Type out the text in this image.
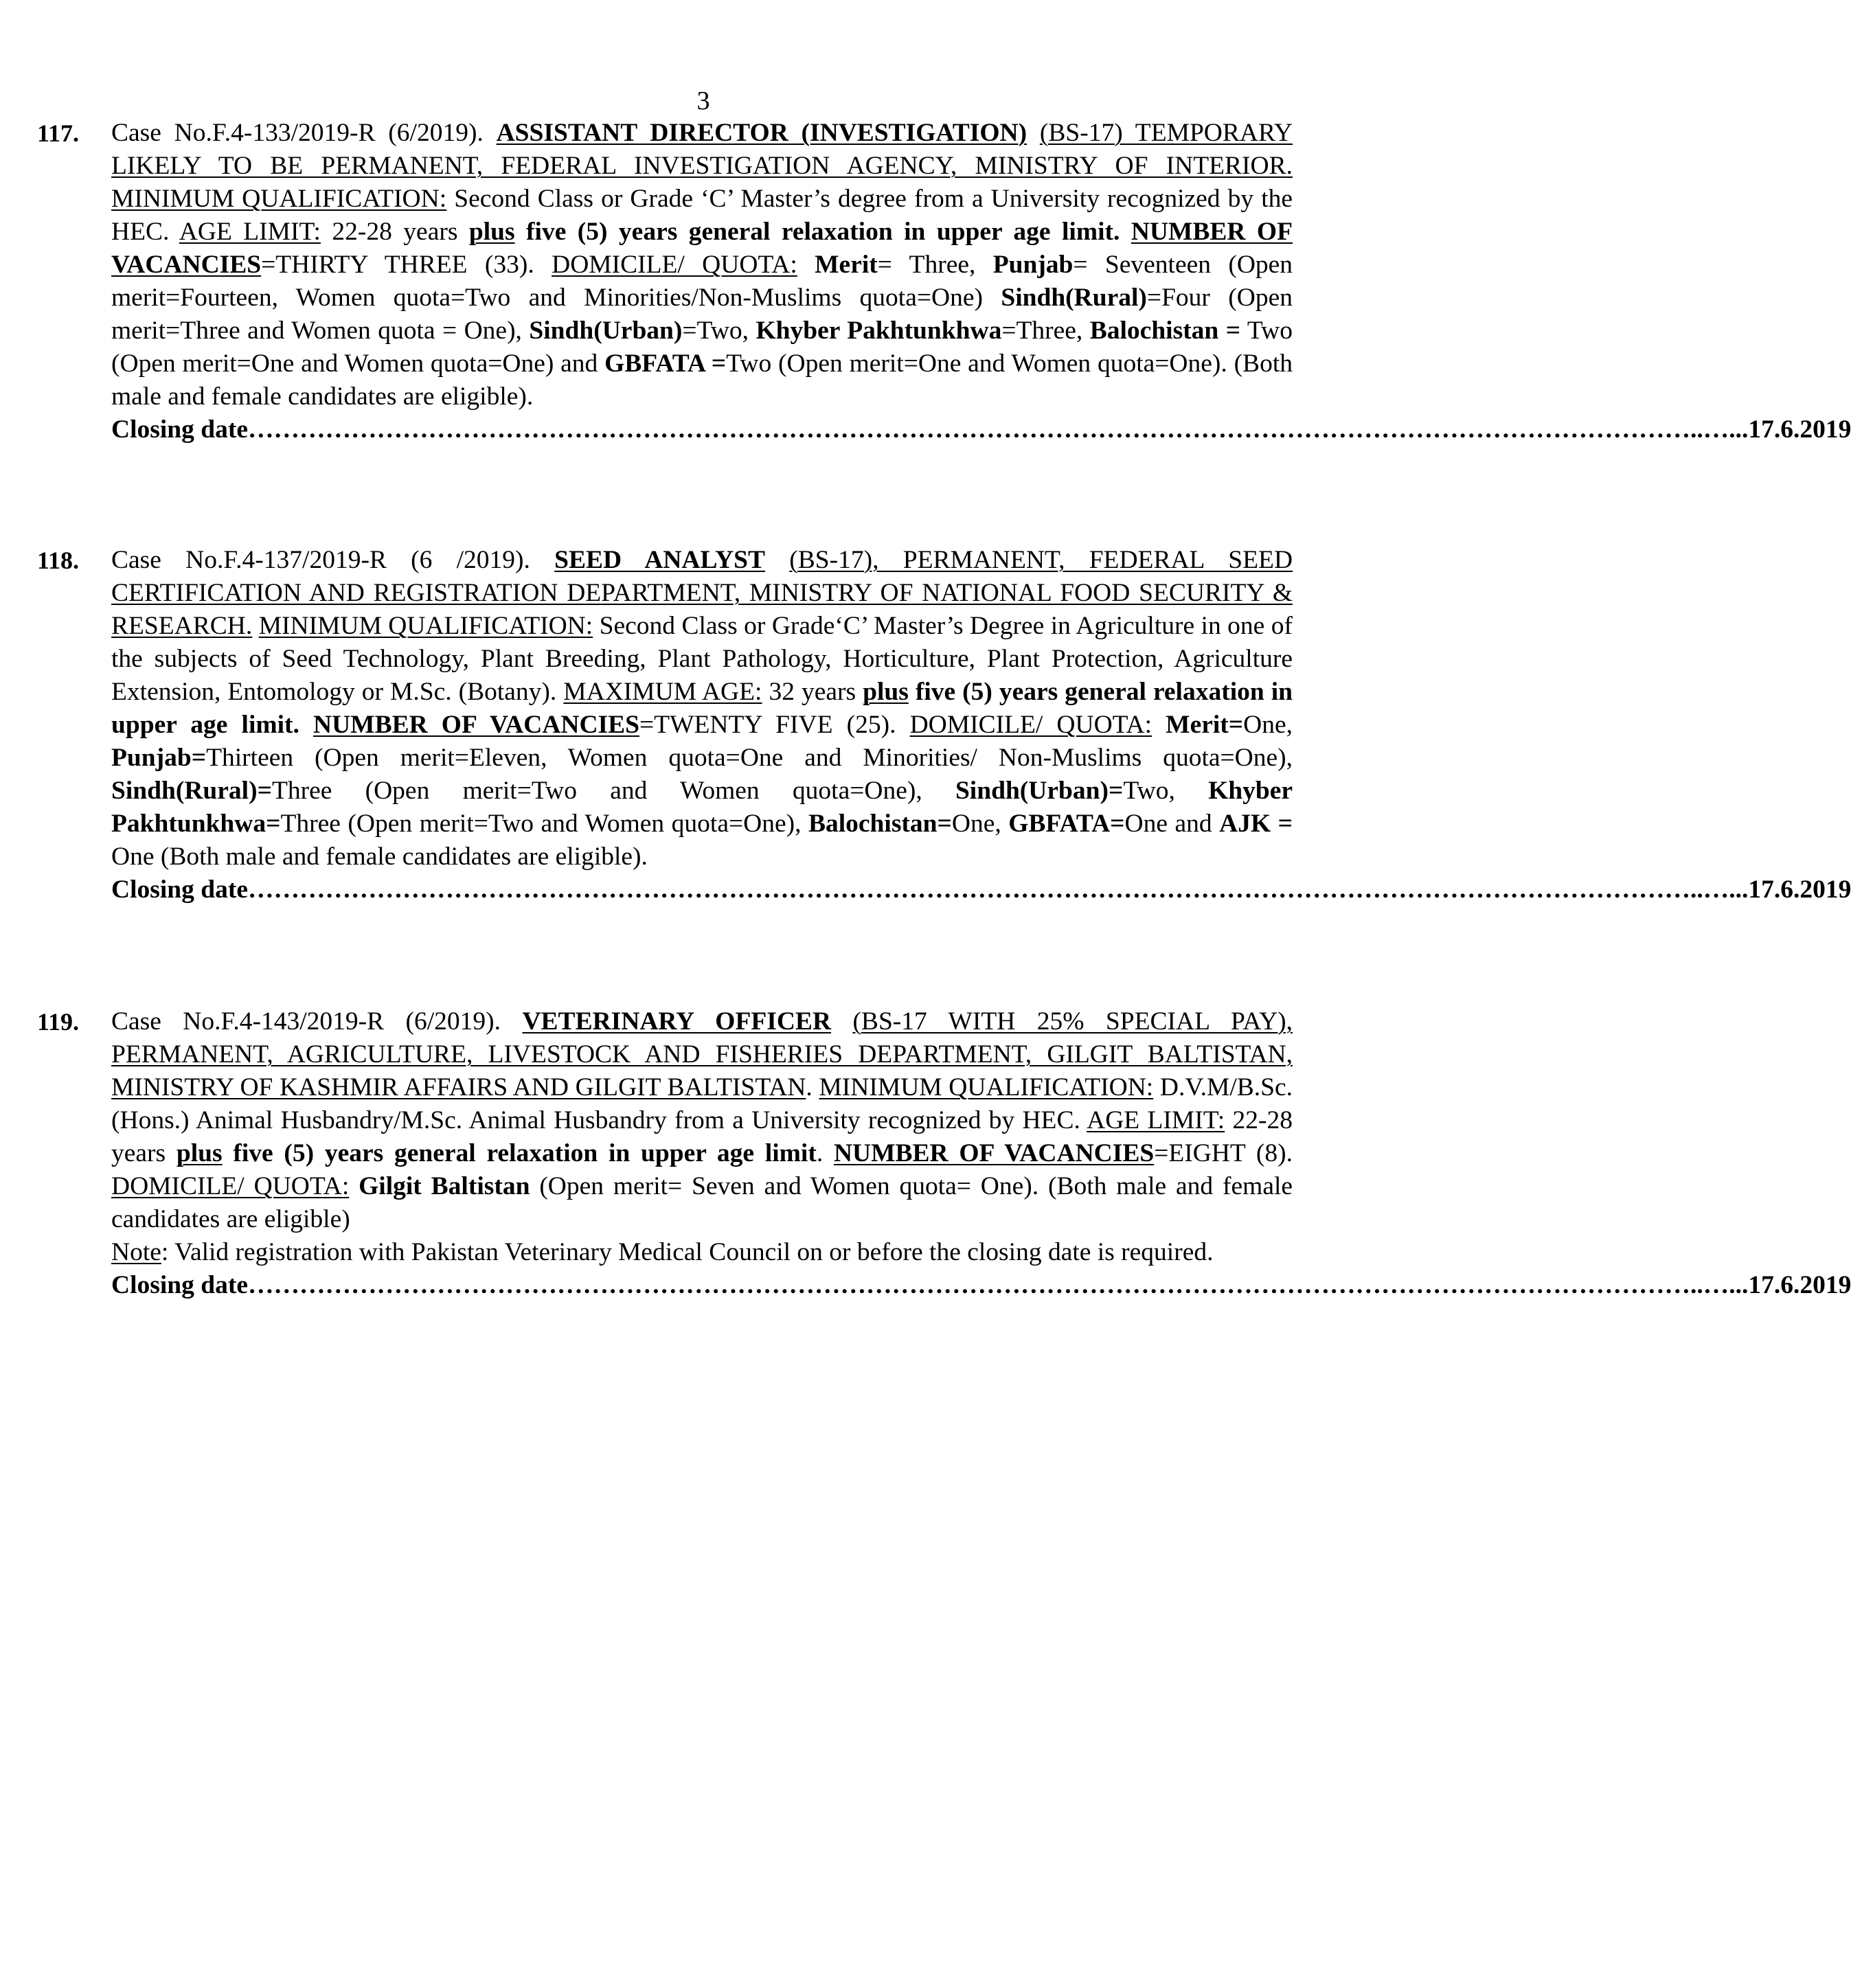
3
117. Case No.F.4-133/2019-R (6/2019). ASSISTANT DIRECTOR (INVESTIGATION) (BS-17) TEMPORARY LIKELY TO BE PERMANENT, FEDERAL INVESTIGATION AGENCY, MINISTRY OF INTERIOR. MINIMUM QUALIFICATION: Second Class or Grade ‘C’ Master’s degree from a University recognized by the HEC. AGE LIMIT: 22-28 years plus five (5) years general relaxation in upper age limit. NUMBER OF VACANCIES=THIRTY THREE (33). DOMICILE/ QUOTA: Merit= Three, Punjab= Seventeen (Open merit=Fourteen, Women quota=Two and Minorities/Non-Muslims quota=One) Sindh(Rural)=Four (Open merit=Three and Women quota = One), Sindh(Urban)=Two, Khyber Pakhtunkhwa=Three, Balochistan = Two (Open merit=One and Women quota=One) and GBFATA =Two (Open merit=One and Women quota=One). (Both male and female candidates are eligible).

Closing date ……………………………………………………………………………………………………………………………………………… ……..…...17.6.2019
118. Case No.F.4-137/2019-R (6 /2019). SEED ANALYST (BS-17), PERMANENT, FEDERAL SEED CERTIFICATION AND REGISTRATION DEPARTMENT, MINISTRY OF NATIONAL FOOD SECURITY & RESEARCH. MINIMUM QUALIFICATION: Second Class or Grade‘C’ Master’s Degree in Agriculture in one of the subjects of Seed Technology, Plant Breeding, Plant Pathology, Horticulture, Plant Protection, Agriculture Extension, Entomology or M.Sc. (Botany). MAXIMUM AGE: 32 years plus five (5) years general relaxation in upper age limit. NUMBER OF VACANCIES=TWENTY FIVE (25). DOMICILE/ QUOTA: Merit=One, Punjab=Thirteen (Open merit=Eleven, Women quota=One and Minorities/ Non-Muslims quota=One), Sindh(Rural)=Three (Open merit=Two and Women quota=One), Sindh(Urban)=Two, Khyber Pakhtunkhwa=Three (Open merit=Two and Women quota=One), Balochistan=One, GBFATA=One and AJK = One (Both male and female candidates are eligible).

Closing date ……………………………………………………………………………………………………………………………………………… ……..…...17.6.2019
119. Case No.F.4-143/2019-R (6/2019). VETERINARY OFFICER (BS-17 WITH 25% SPECIAL PAY), PERMANENT, AGRICULTURE, LIVESTOCK AND FISHERIES DEPARTMENT, GILGIT BALTISTAN, MINISTRY OF KASHMIR AFFAIRS AND GILGIT BALTISTAN. MINIMUM QUALIFICATION: D.V.M/B.Sc. (Hons.) Animal Husbandry/M.Sc. Animal Husbandry from a University recognized by HEC. AGE LIMIT: 22-28 years plus five (5) years general relaxation in upper age limit. NUMBER OF VACANCIES=EIGHT (8). DOMICILE/ QUOTA: Gilgit Baltistan (Open merit= Seven and Women quota= One). (Both male and female candidates are eligible)

Note: Valid registration with Pakistan Veterinary Medical Council on or before the closing date is required.

Closing date ……………………………………………………………………………………………………………………………………………… ……..…...17.6.2019
